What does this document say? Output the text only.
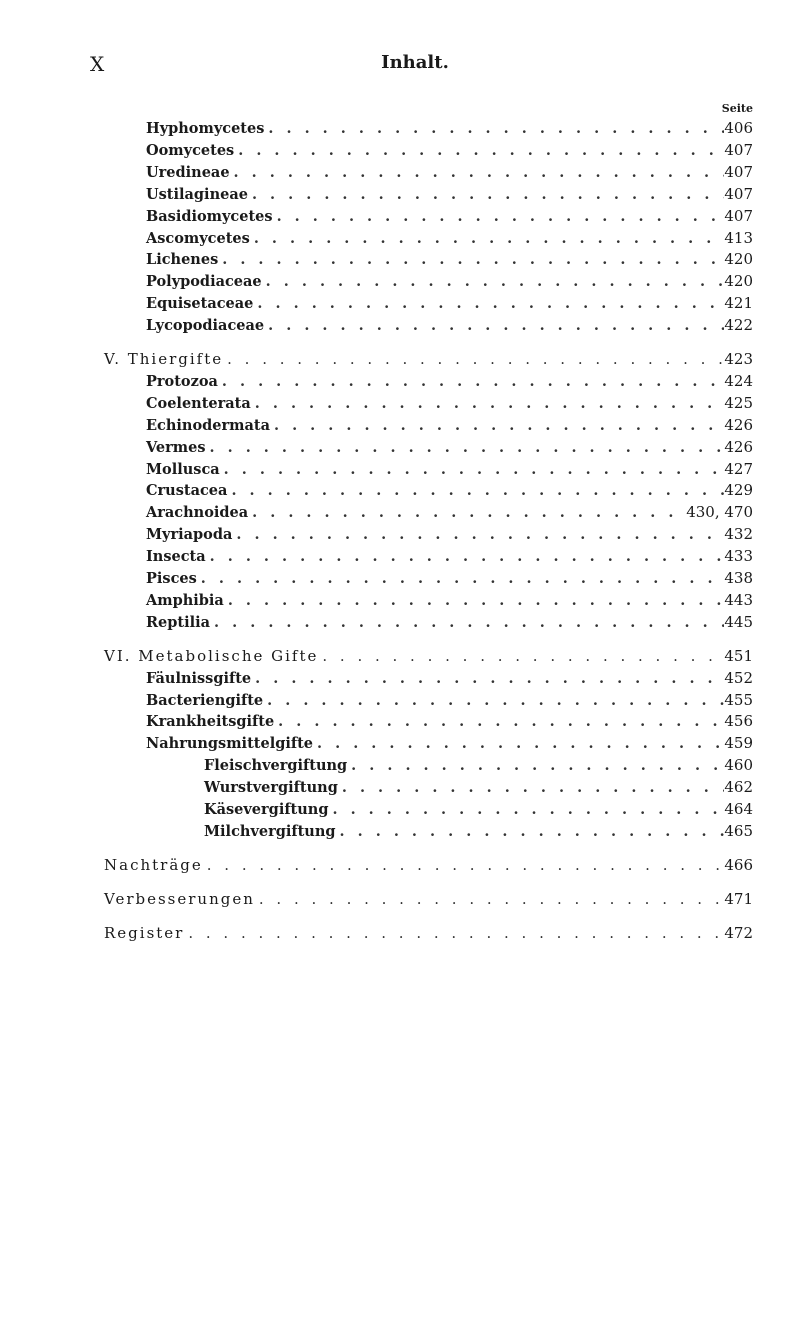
X	Inhalt.
Seite
Hyphomycetes . . .	406
Oomycetes . . .	407
Uredineae . . .	407
Ustilagineae . . .	407
Basidiomycetes . . .	407
Ascomycetes . . .	413
Lichenes . . .	420
Polypodiaceae . . .	420
Equisetaceae . . .	421
Lycopodiaceae . . .	422
V. Thiergifte . . .	423
Protozoa . . .	424
Coelenterata . . .	425
Echinodermata . . .	426
Vermes . . .	426
Mollusca . . .	427
Crustacea . . .	429
Arachnoidea . . .	430, 470
Myriapoda . . .	432
Insecta . . .	433
Pisces . . .	438
Amphibia . . .	443
Reptilia . . .	445
VI. Metabolische Gifte . . .	451
Fäulnissgifte . . .	452
Bacteriengifte . . .	455
Krankheitsgifte . . .	456
Nahrungsmittelgifte . . .	459
Fleischvergiftung . . .	460
Wurstvergiftung . . .	462
Käsevergiftung . . .	464
Milchvergiftung . . .	465
Nachträge . . .	466
Verbesserungen . . .	471
Register . . .	472
